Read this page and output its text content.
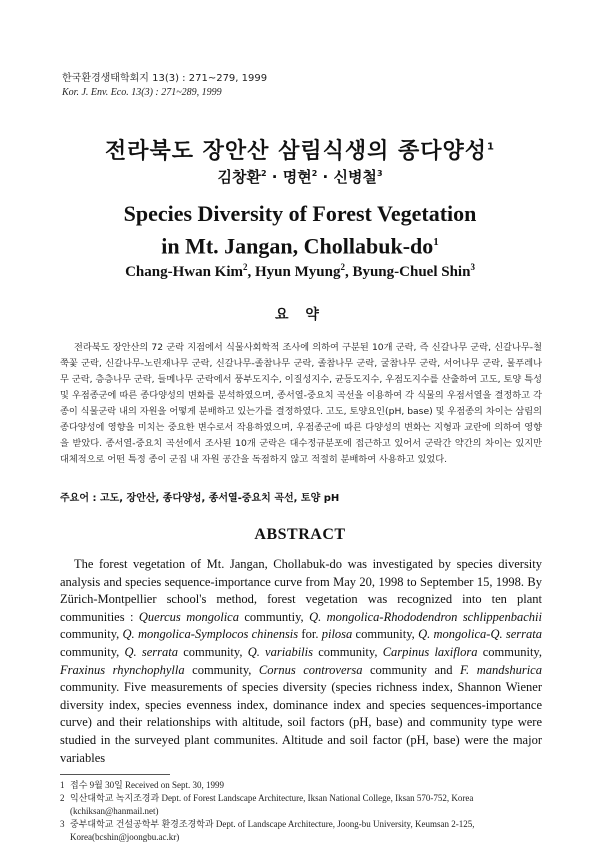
한국환경생태학회지 13(3) : 271~279, 1999
Kor. J. Env. Eco. 13(3) : 271~289, 1999
전라북도 장안산 삼림식생의 종다양성$^1$
김창환$^2$ · 명현$^2$ · 신병철$^3$
Species Diversity of Forest Vegetation
in Mt. Jangan, Chollabuk-$do^1$
Chang-Hwan Kim$^2$, Hyun Myung$^2$, Byung-Chuel Shin$^3$
요 약
전라북도 장안산의 72 군락 지점에서 식물사회학적 조사에 의하여 구분된 10개 군락, 즉 신갈나무 군락, 신갈나무-철쭉꽃 군락, 신갈나무-노린재나무 군락, 신갈나무-졸참나무 군락, 졸참나무 군락, 굴참나무 군락, 서어나무 군락, 물푸레나무 군락, 층층나무 군락, 들메나무 군락에서 풍부도지수, 이질성지수, 균등도지수, 우점도지수를 산출하여 고도, 토양 특성 및 우점종군에 따른 종다양성의 변화를 분석하였으며, 종서열-중요치 곡선을 이용하여 각 식물의 우점서열을 결정하고 각 종이 식물군락 내의 자원을 어떻게 분배하고 있는가를 결정하였다. 고도, 토양요인(pH, base) 및 우점종의 차이는 삼림의 종다양성에 영향을 미치는 중요한 변수로서 작용하였으며, 우점종군에 따른 다양성의 변화는 지형과 교란에 의하여 영향을 받았다. 종서열-중요치 곡선에서 조사된 10개 군락은 대수정규분포에 접근하고 있어서 군락간 약간의 차이는 있지만 대체적으로 어떤 특정 종이 군집 내 자원 공간을 독점하지 않고 적절히 분배하여 사용하고 있었다.
주요어 : 고도, 장안산, 종다양성, 종서열-중요치 곡선, 토양 pH
ABSTRACT
The forest vegetation of Mt. Jangan, Chollabuk-do was investigated by species diversity analysis and species sequence-importance curve from May 20, 1998 to September 15, 1998. By Zürich-Montpellier school's method, forest vegetation was recognized into ten plant communities : Quercus mongolica communtiy, Q. mongolica-Rhododendron schlippenbachii community, Q. mongolica-Symplocos chinensis for. pilosa community, Q. mongolica-Q. serrata community, Q. serrata community, Q. variabilis community, Carpinus laxiflora community, Fraxinus rhynchophylla community, Cornus controversa community and F. mandshurica community. Five measurements of species diversity (species richness index, Shannon Wiener diversity index, species evenness index, dominance index and species sequences-importance curve) and their relationships with altitude, soil factors (pH, base) and community type were studied in the surveyed plant communites. Altitude and soil factor (pH, base) were the major variables
1 접수 9월 30일 Received on Sept. 30, 1999
2 익산대학교 녹지조경과 Dept. of Forest Landscape Architecture, Iksan National College, Iksan 570-752, Korea (kchiksan@hanmail.net)
3 중부대학교 건설공학부 환경조경학과 Dept. of Landscape Architecture, Joong-bu University, Keumsan 2-125, Korea(bcshin@joongbu.ac.kr)
